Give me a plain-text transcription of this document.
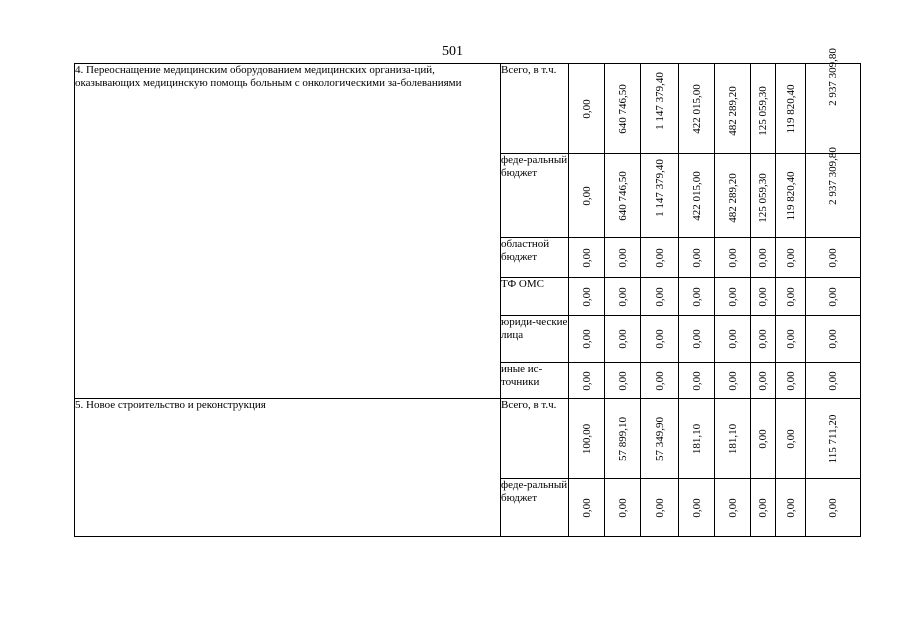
501
4. Переоснащение медицинским оборудованием медицинских организа-ций, оказывающих медицинскую помощь больным с онкологическими за-болеваниями	Всего, в т.ч.	0,00	640 746,50	1 147 379,40	422 015,00	482 289,20	125 059,30	119 820,40	2 937 309,80

	феде-ральный бюджет	0,00	640 746,50	1 147 379,40	422 015,00	482 289,20	125 059,30	119 820,40	2 937 309,80

	областной бюджет	0,00	0,00	0,00	0,00	0,00	0,00	0,00	0,00

	ТФ ОМС	0,00	0,00	0,00	0,00	0,00	0,00	0,00	0,00

	юриди-ческие лица	0,00	0,00	0,00	0,00	0,00	0,00	0,00	0,00

	иные ис-точники	0,00	0,00	0,00	0,00	0,00	0,00	0,00	0,00

5. Новое строительство и реконструкция	Всего, в т.ч.	100,00	57 899,10	57 349,90	181,10	181,10	0,00	0,00	115 711,20

	феде-ральный бюджет	0,00	0,00	0,00	0,00	0,00	0,00	0,00	0,00
